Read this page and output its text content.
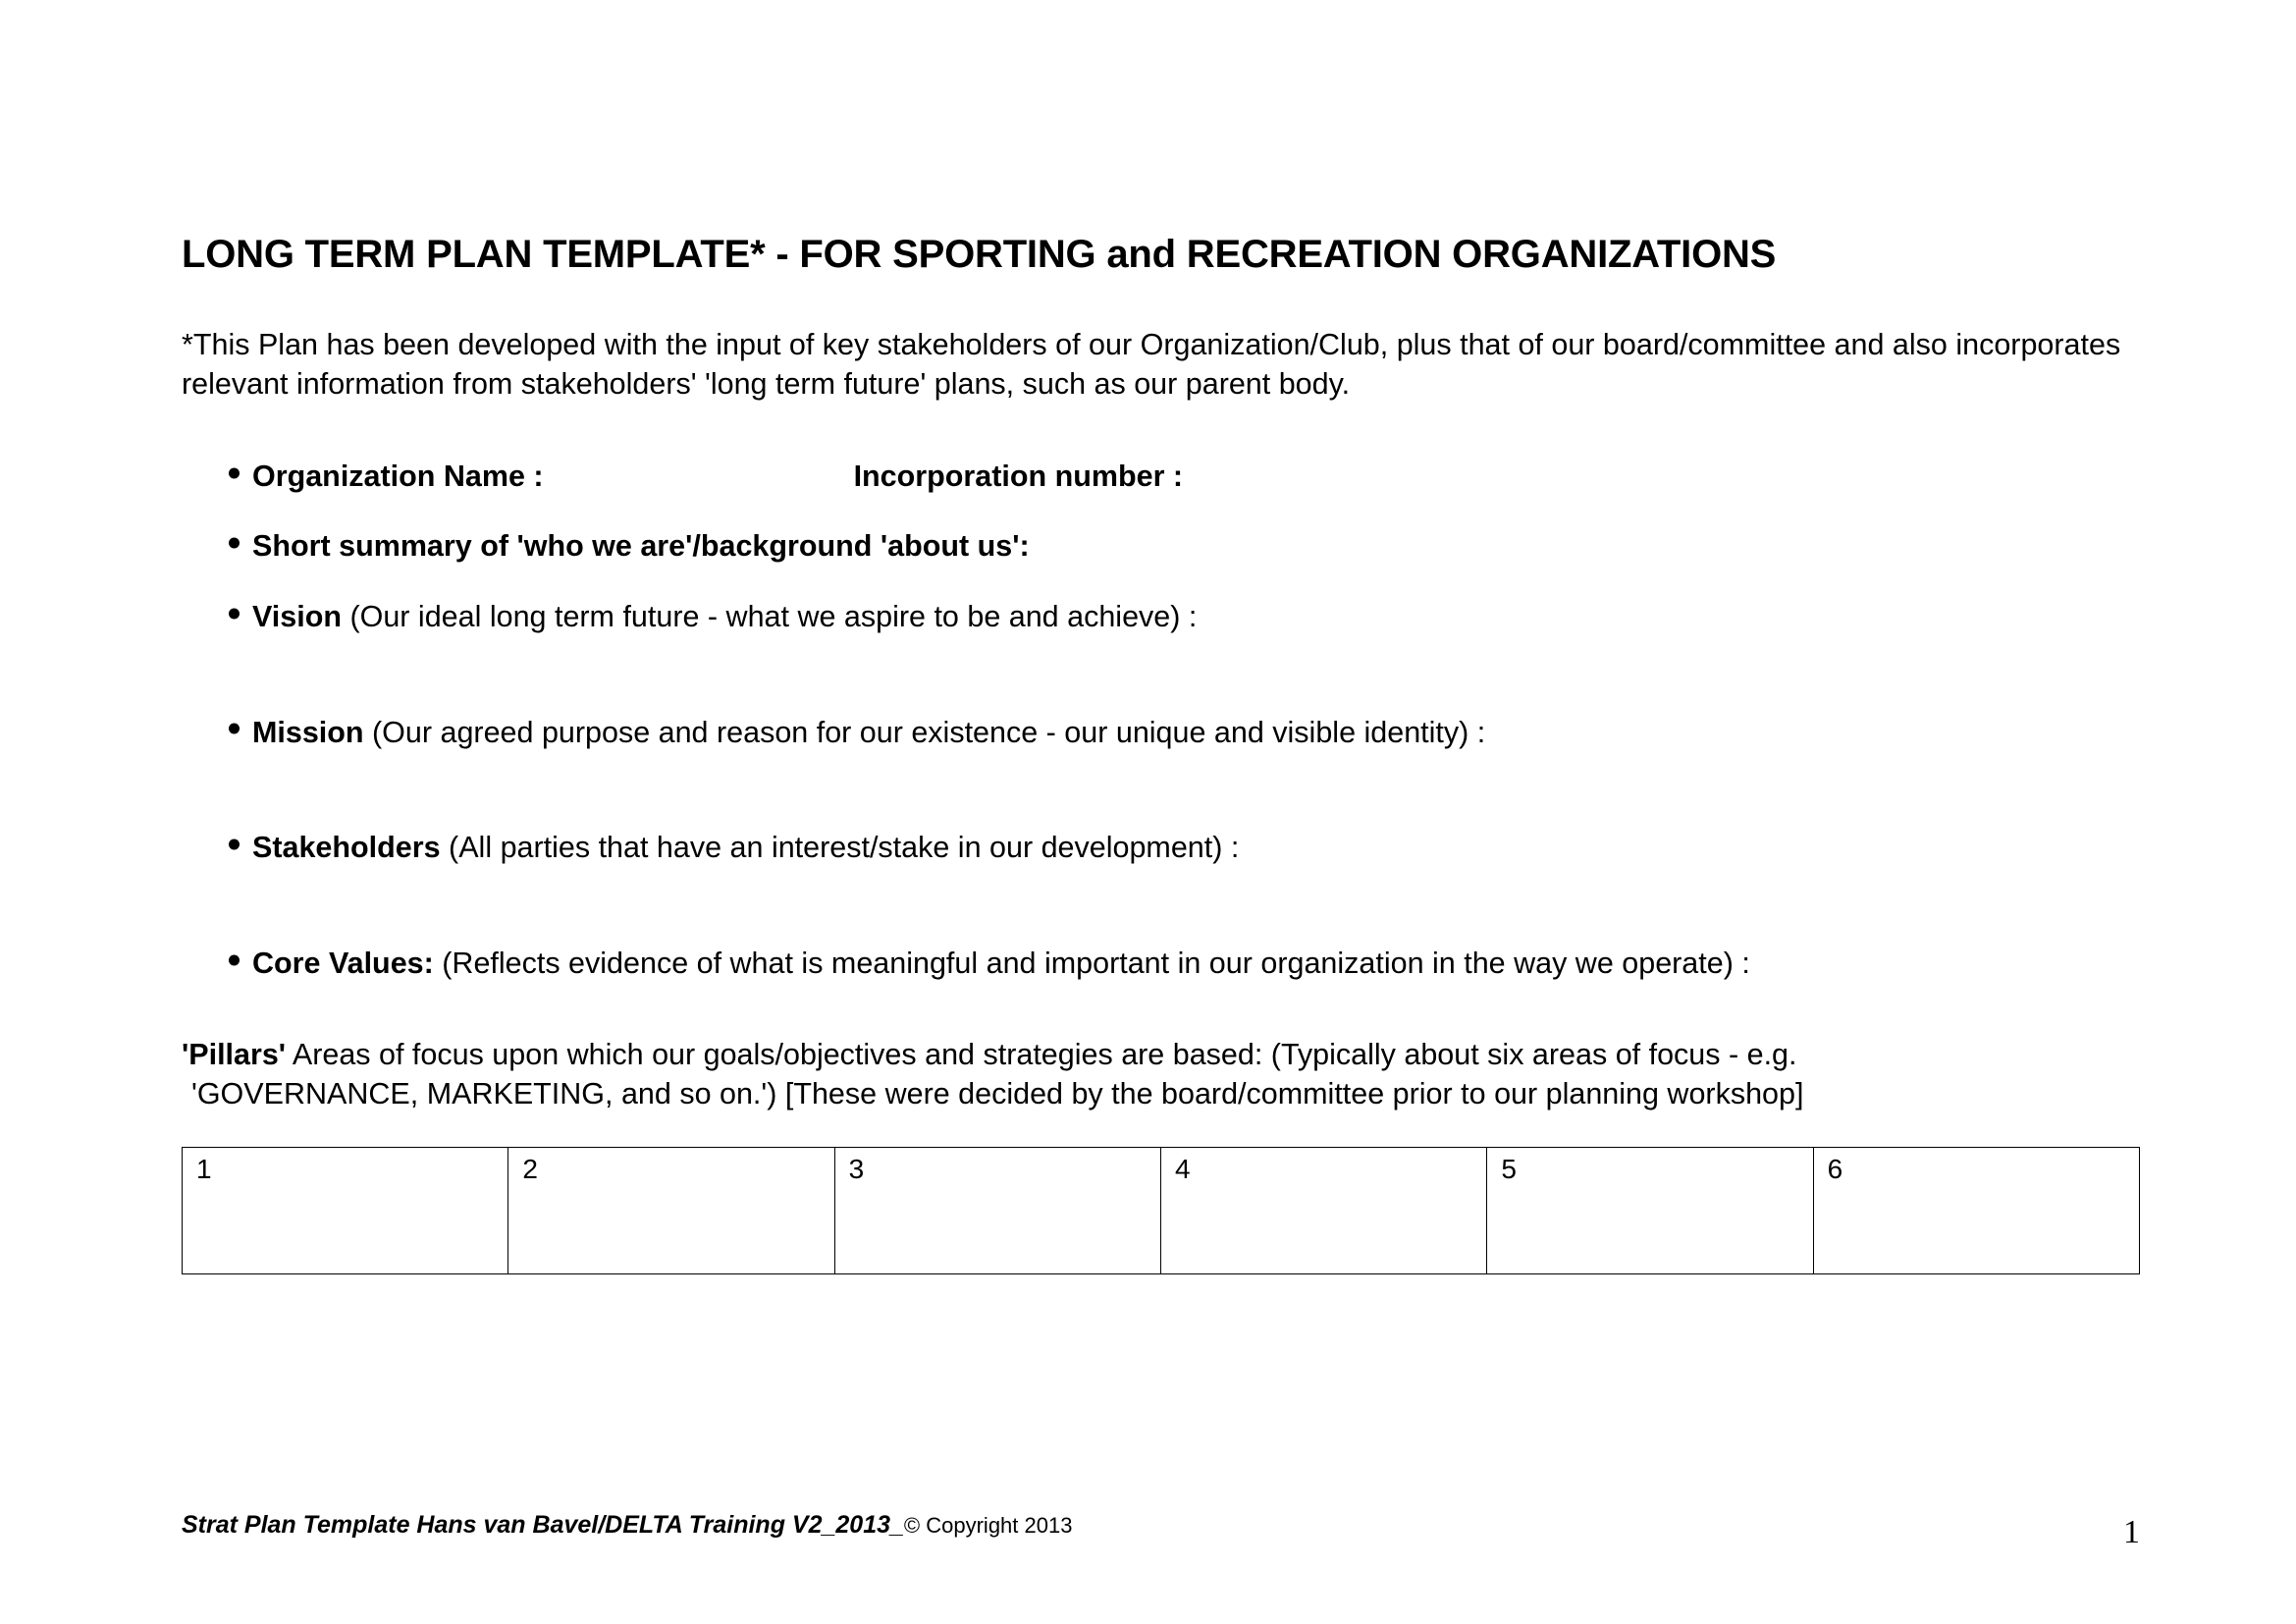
LONG TERM PLAN TEMPLATE* - FOR SPORTING and RECREATION ORGANIZATIONS

*This Plan has been developed with the input of key stakeholders of our Organization/Club, plus that of our board/committee and also incorporates relevant information from stakeholders' 'long term future' plans, such as our parent body.

Organization Name :	Incorporation number :
Short summary of 'who we are'/background 'about us':
Vision (Our ideal long term future - what we aspire to be and achieve) :
Mission (Our agreed purpose and reason for our existence - our unique and visible identity) :
Stakeholders (All parties that have an interest/stake in our development) :
Core Values: (Reflects evidence of what is meaningful and important in our organization in the way we operate) :

'Pillars' Areas of focus upon which our goals/objectives and strategies are based: (Typically about six areas of focus - e.g.
'GOVERNANCE, MARKETING, and so on.') [These were decided by the board/committee prior to our planning workshop]

1	2	3	4	5	6
Strat Plan Template Hans van Bavel/DELTA Training V2_2013_© Copyright 2013	1
